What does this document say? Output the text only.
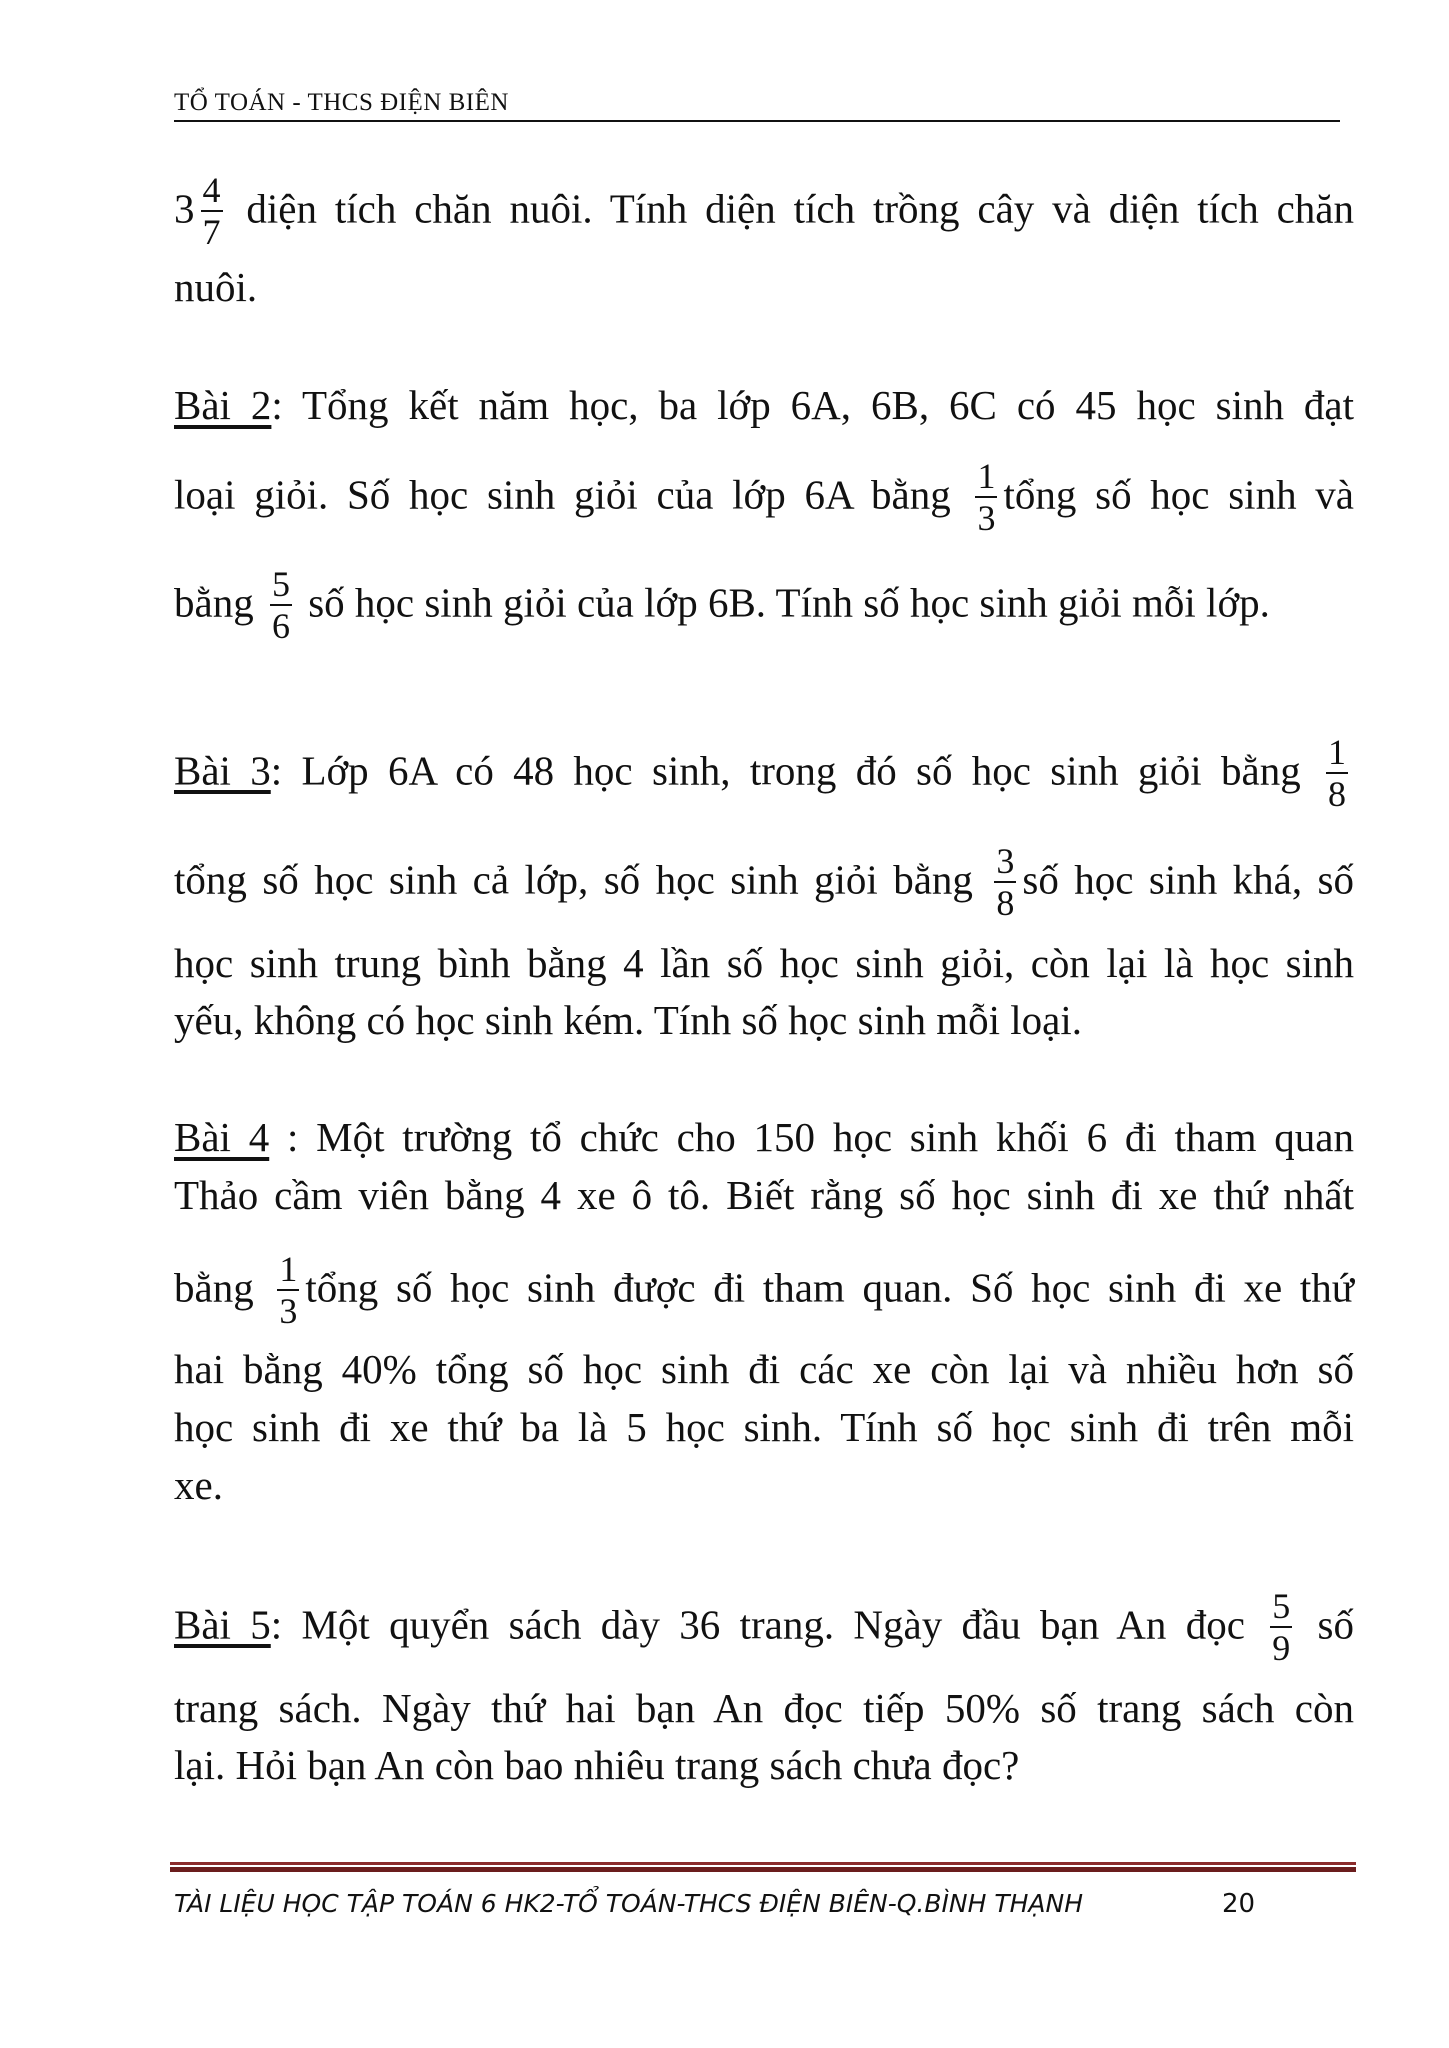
TỔ TOÁN - THCS ĐIỆN BIÊN
$3 \frac{4}{7}$ diện tích chăn nuôi. Tính diện tích trồng cây và diện tích chăn
nuôi.
Bài 2: Tổng kết năm học, ba lớp 6A, 6B, 6C có 45 học sinh đạt
loại giỏi. Số học sinh giỏi của lớp 6A bằng $\frac{1}{3}$ tổng số học sinh và
bằng $\frac{5}{6}$ số học sinh giỏi của lớp 6B. Tính số học sinh giỏi mỗi lớp.
Bài 3: Lớp 6A có 48 học sinh, trong đó số học sinh giỏi bằng $\frac{1}{8}$
tổng số học sinh cả lớp, số học sinh giỏi bằng $\frac{3}{8}$ số học sinh khá, số
học sinh trung bình bằng 4 lần số học sinh giỏi, còn lại là học sinh
yếu, không có học sinh kém. Tính số học sinh mỗi loại.
Bài 4 : Một trường tổ chức cho 150 học sinh khối 6 đi tham quan
Thảo cầm viên bằng 4 xe ô tô. Biết rằng số học sinh đi xe thứ nhất
bằng $\frac{1}{3}$ tổng số học sinh được đi tham quan. Số học sinh đi xe thứ
hai bằng 40% tổng số học sinh đi các xe còn lại và nhiều hơn số
học sinh đi xe thứ ba là 5 học sinh. Tính số học sinh đi trên mỗi
xe.
Bài 5: Một quyển sách dày 36 trang. Ngày đầu bạn An đọc $\frac{5}{9}$ số
trang sách. Ngày thứ hai bạn An đọc tiếp 50% số trang sách còn
lại. Hỏi bạn An còn bao nhiêu trang sách chưa đọc?
TÀI LIỆU HỌC TẬP TOÁN 6 HK2-TỔ TOÁN-THCS ĐIỆN BIÊN-Q.BÌNH THẠNH	20
